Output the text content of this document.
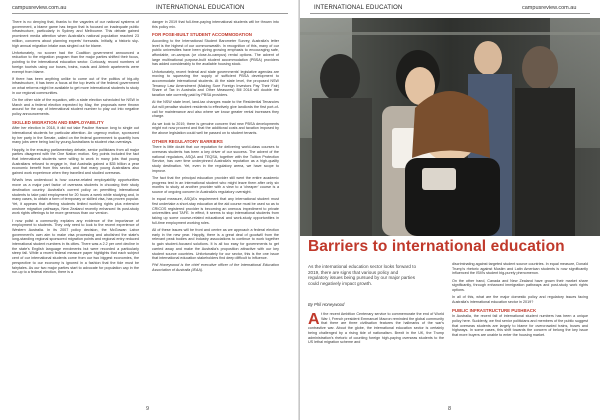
campusreview.com.au	INTERNATIONAL EDUCATION

There is no denying that, thanks to the vagaries of our national systems of government, a blame game has begun that is focused on inadequate public infrastructure, particularly in Sydney and Melbourne. This debate gained prominent media attention when Australia's national population reached 23 million, concerns about planning experts' forecasts. Initially, a historic sky-high annual migration intake was singled out for blame.

Unfortunately, no sooner had the Coalition government announced a reduction to the migration program than the major parties shifted their focus, pointing to the international education sector. Curiously, record numbers of foreign tourists using our buses, trains, roads and Airbnb apartments were exempt from blame.

If there has been anything unlike to come out of the politics of big-city infrastructure, it has been a focus at the top levels of the federal government on what reforms might be available to get more international students to study in our regional communities.

On the other side of the equation, with a state election scheduled for NSW in March and a federal election expected by May, the proposals were thrown around for the cap of international student number to play out into negative policy announcements.

SKILLED MIGRATION AND EMPLOYABILITY

After her election in 2018, it did not take Pauline Hanson long to single out international students for particular attention. An urgency motion, sponsored by her party in the Senate, called on the federal government to quantify how many jobs were being lost by young Australians to student visa overstays.

Happily, in the ensuing parliamentary debate, senior politicians from all major parties disagreed with the One Nation motion. Key points included the fact that international students were willing to work in many jobs that young Australians refused to engage in, that Australia gained a $35 billion a year economic benefit from this sector, and that many young Australians also gained work experience when they travelled and studied overseas.

What's less understood is how course-related employability opportunities move us a major part factor of overseas students in choosing their study destination country. Australia's current policy on permitting international students to take paid employment for 20 hours a week while studying and, in many cases, to obtain a form of temporary or skilled visa, has proven popular. Yet, it appears that offering students limited working rights plus extensive onshore migration pathways, New Zealand recently enhanced its post-study work rights offerings to be more generous than our version.

I now pollst a community explains any evidence of the importance of employment to students. They only need to look to the recent experience of Western Australia. In its 2007 policy decision, the McGowan Labor government's own aim to make visa processing and abolished the state's long-standing regional sponsored migration points and regional entry reduced international student numbers in its cities. There was a 2.2 per cent decline in the state's English language enrolments but were recorded a particularly steep fall. While a recent federal measure paper highlights that each subject cent of our international students come from our two biggest economies, the perspective to our economy is ignored in a fashion that the tide must be fairytales. As our two major parties start to advocate for population cap in the run-up to a federal election, there is a

danger in 2019 that full-time-paying international students will be thrown into this policy mix.

FOR POSE-BUILT STUDENT ACCOMMODATION

According to the International Student Barometer Survey, Australia's letter level is the highest of our commonwealth. In recognition of this, many of our public universities have been giving growing emphasis to encouraging safe, affordable, on-campus (or close-to-campus) rental options. The advent of large multinational purpose-built student accommodation (PBSA) providers has added considerably to the available housing stock.

Unfortunately, recent federal and state governments' legislative agendas are moving to squeezing the supply of sufficient PBSA development to accommodate international students. At the state level, the proposed NSW Tenancy Law Amendment (Making Sure Foreign Investors Pay Their Fair) Share of Tax in Australia and Other Measures) Bill 2018 will double the taxation rate currently paid by PBSA providers.

At the NSW state level, land-tax changes made to the Residential Tenancies Act will penalise student residents to effectively give landlords the first port-of-call for maintenance and also where we know greater rental increases they charge.

As we look to 2019, there is genuine concern that new PBSA developments might not now proceed and that the additional costs and taxation imposed by the above legislation could well be passed on to student tenants.

OTHER REGULATORY BARRIERS

There is little doubt that our reputation for delivering world-class courses to overseas students has been a key driver of our success. The advent of the national regulators, ASQA and TEQSA, together with the Tuition Protection Service, has over time underpinned Australia's reputation as a high-quality study destination. Yet, even in the regulatory arena, we have scope to improve.

The fact that the principal education provider still went the entire academic progress test in an international student who might leave them after only six months to study at another provider with a view to a 'cheaper' course is a source of ongoing concern in Australia's regulatory oversight.

In equal measure, ASQA's requirement that any international student must first undertake a short-stay education at the aid course must be used so as to CRICOS registered provider is becoming an onerous impediment to private universities and TAFE. In effect, it seems to stop international students from taking up some course-related educational and work-study opportunities in full-time employment working roles.

All of these issues will be front and centre as we approach a federal election early in the new year. Happily, there is a great deal of goodwill from the relevant peak bodies and industry associations to continue to work together to gain student-focused solutions. It is all too easy for governments to get carried away and make the Australia's proposition attractive with our key student source countries. Unfortunately for our sector, this is the one issue that international education stakeholders find deep difficult to influence.

Phil Honeywood is the chief executive officer of the International Education Association of Australia (IEAA).

9
INTERNATIONAL EDUCATION	campusreview.com.au
Barriers to international education
As the international education sector looks forward to 2019, there are signs that various policy and regulatory issues being pursued by our major parties could negatively impact growth.
By Phil Honeywood

At the recent Ambition Centenary service to commemorate the end of World War I, French president Emmanuel Macron reminded the global community that there are three civilisation features the hallmarks of the war's contrastive war. About the globe, the international education sector is certainly being challenged by a rising tide of nationalism. Brexit in the UK, the Trump administration's rhetoric of counting foreign high-paying overseas students to the US lethal migration scheme and

discriminating against targeted student source countries. In equal measure, Donald Trump's rhetoric against Muslim and Latin American students is now significantly influenced the ISM's student big-purely phenomenon.

On the other hand, Canada and New Zealand have grown their market share significantly, through enhanced immigration pathways and post-study work rights options.

In all of this, what are the major domestic policy and regulatory issues facing Australia's international education sector in 2019?

PUBLIC INFRASTRUCTURE PUSHBACK

In Australia, the recent fall of international student numbers has been a unique policy here. Suddenly, we find senior politicians and members of the public suggest that overseas students are largely to blame for overcrowded trains, buses and highways. In some cases, this shift towards the concern of belong the key issue that more buyers are unable to enter the housing market.

8
